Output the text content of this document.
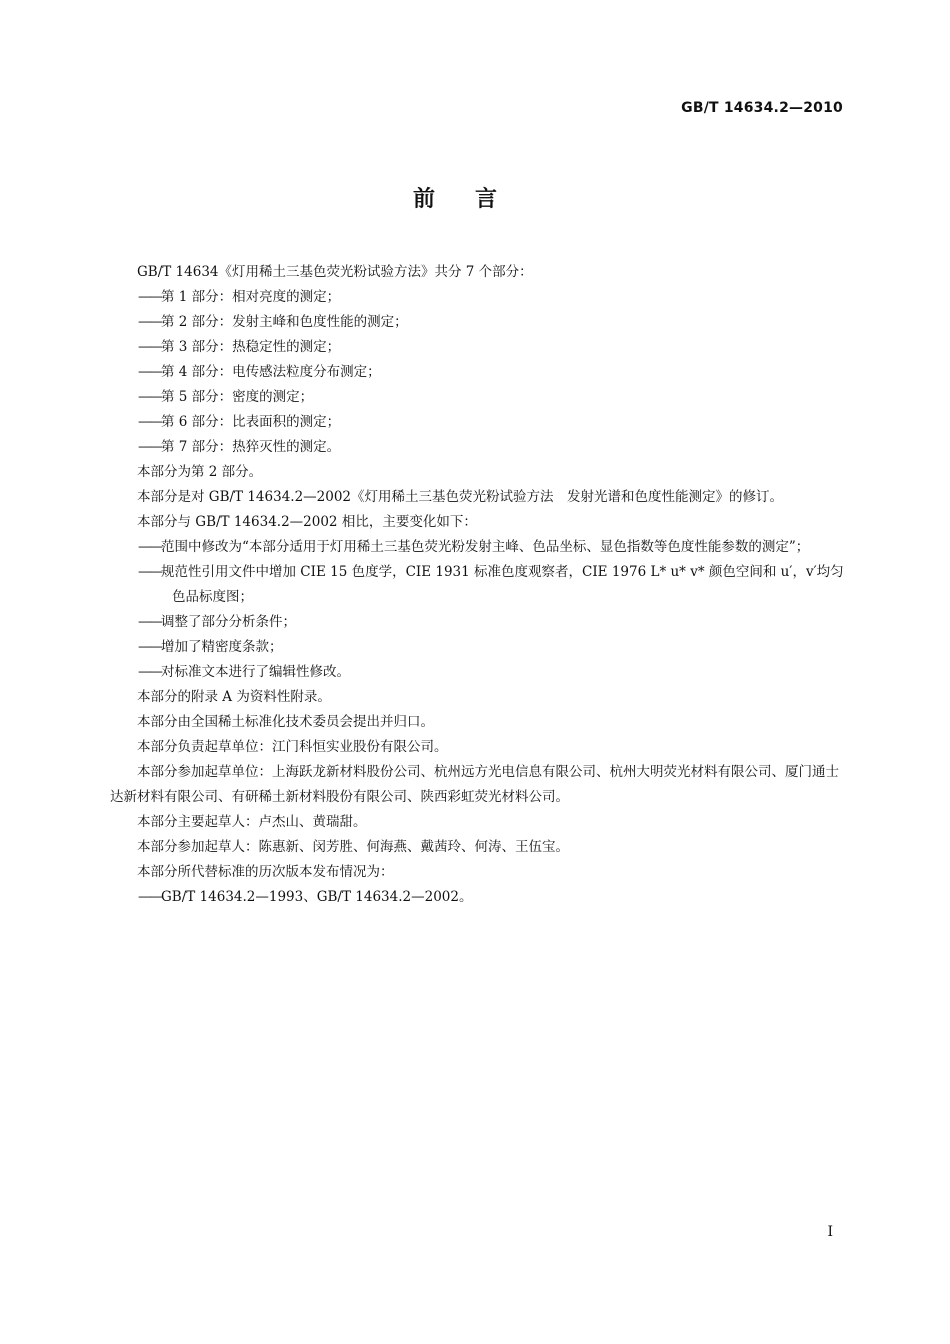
GB/T 14634.2—2010
前言

GB/T 14634《灯用稀土三基色荧光粉试验方法》共分 7 个部分：

——第 1 部分：相对亮度的测定；

——第 2 部分：发射主峰和色度性能的测定；

——第 3 部分：热稳定性的测定；

——第 4 部分：电传感法粒度分布测定；

——第 5 部分：密度的测定；

——第 6 部分：比表面积的测定；

——第 7 部分：热猝灭性的测定。

本部分为第 2 部分。

本部分是对 GB/T 14634.2—2002《灯用稀土三基色荧光粉试验方法　发射光谱和色度性能测定》的修订。

本部分与 GB/T 14634.2—2002 相比，主要变化如下：

——范围中修改为“本部分适用于灯用稀土三基色荧光粉发射主峰、色品坐标、显色指数等色度性能参数的测定”；

——规范性引用文件中增加 CIE 15 色度学，CIE 1931 标准色度观察者，CIE 1976 L* u* v* 颜色空间和 u′，v′均匀色品标度图；

——调整了部分分析条件；

——增加了精密度条款；

——对标准文本进行了编辑性修改。

本部分的附录 A 为资料性附录。

本部分由全国稀土标准化技术委员会提出并归口。

本部分负责起草单位：江门科恒实业股份有限公司。

本部分参加起草单位：上海跃龙新材料股份公司、杭州远方光电信息有限公司、杭州大明荧光材料有限公司、厦门通士达新材料有限公司、有研稀土新材料股份有限公司、陕西彩虹荧光材料公司。

本部分主要起草人：卢杰山、黄瑞甜。

本部分参加起草人：陈惠新、闵芳胜、何海燕、戴茜玲、何涛、王伍宝。

本部分所代替标准的历次版本发布情况为：

——GB/T 14634.2—1993、GB/T 14634.2—2002。

I
